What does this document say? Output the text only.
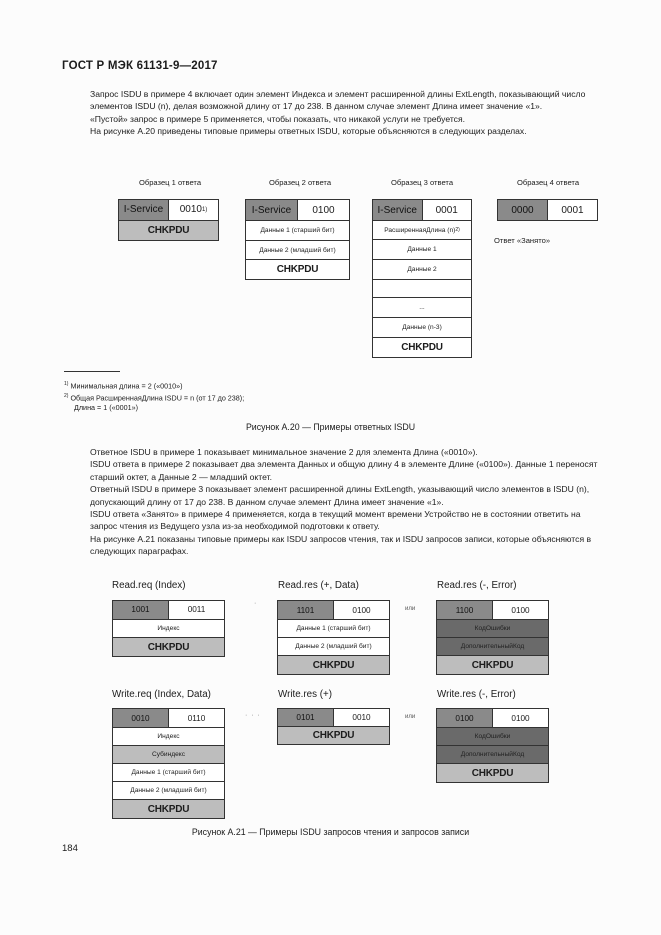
ГОСТ Р МЭК 61131-9—2017

Запрос ISDU в примере 4 включает один элемент Индекса и элемент расширенной длины ExtLength, показывающий число элементов ISDU (n), делая возможной длину от 17 до 238. В данном случае элемент Длина имеет значение «1».

«Пустой» запрос в примере 5 применяется, чтобы показать, что никакой услуги не требуется.

На рисунке А.20 приведены типовые примеры ответных ISDU, которые объясняются в следующих разделах.

Образец 1 ответа
I-Service	0010 1)
CHKPDU
Образец 2 ответа
I-Service	0100
Данные 1 (старший бит)
Данные 2 (младший бит)
CHKPDU
Образец 3 ответа
I-Service	0001
РасширеннаяДлина (n) 2)
Данные 1
Данные 2
...
Данные (n-3)
CHKPDU
Образец 4 ответа
0000	0001
Ответ «Занято»
$^{1)}$ Минимальная длина = 2 («0010»)
$^{2)}$ Общая РасширеннаяДлина ISDU = n (от 17 до 238);
Длина = 1 («0001»)
Рисунок А.20 — Примеры ответных ISDU

Ответное ISDU в примере 1 показывает минимальное значение 2 для элемента Длина («0010»).

ISDU ответа в примере 2 показывает два элемента Данных и общую длину 4 в элементе Длине («0100»). Данные 1 переносят старший октет, а Данные 2 — младший октет.

Ответный ISDU в примере 3 показывает элемент расширенной длины ExtLength, указывающий число элементов в ISDU (n), допускающий длину от 17 до 238. В данном случае элемент Длина имеет значение «1».

ISDU ответа «Занято» в примере 4 применяется, когда в текущий момент времени Устройство не в состоянии ответить на запрос чтения из Ведущего узла из-за необходимой подготовки к ответу.

На рисунке А.21 показаны типовые примеры как ISDU запросов чтения, так и ISDU запросов записи, которые объясняются в следующих параграфах.

Read.req (Index)
1001	0011
Индекс
CHKPDU
·
Read.res (+, Data)
1101	0100
Данные 1 (старший бит)
Данные 2 (младший бит)
CHKPDU
или
Read.res (-, Error)
1100	0100
КодОшибки
ДополнительныйКод
CHKPDU
Write.req (Index, Data)
0010	0110
Индекс
Субиндекс
Данные 1 (старший бит)
Данные 2 (младший бит)
CHKPDU
· · ·
Write.res (+)
0101	0010
CHKPDU
или
Write.res (-, Error)
0100	0100
КодОшибки
ДополнительныйКод
CHKPDU
Рисунок А.21 — Примеры ISDU запросов чтения и запросов записи
184
